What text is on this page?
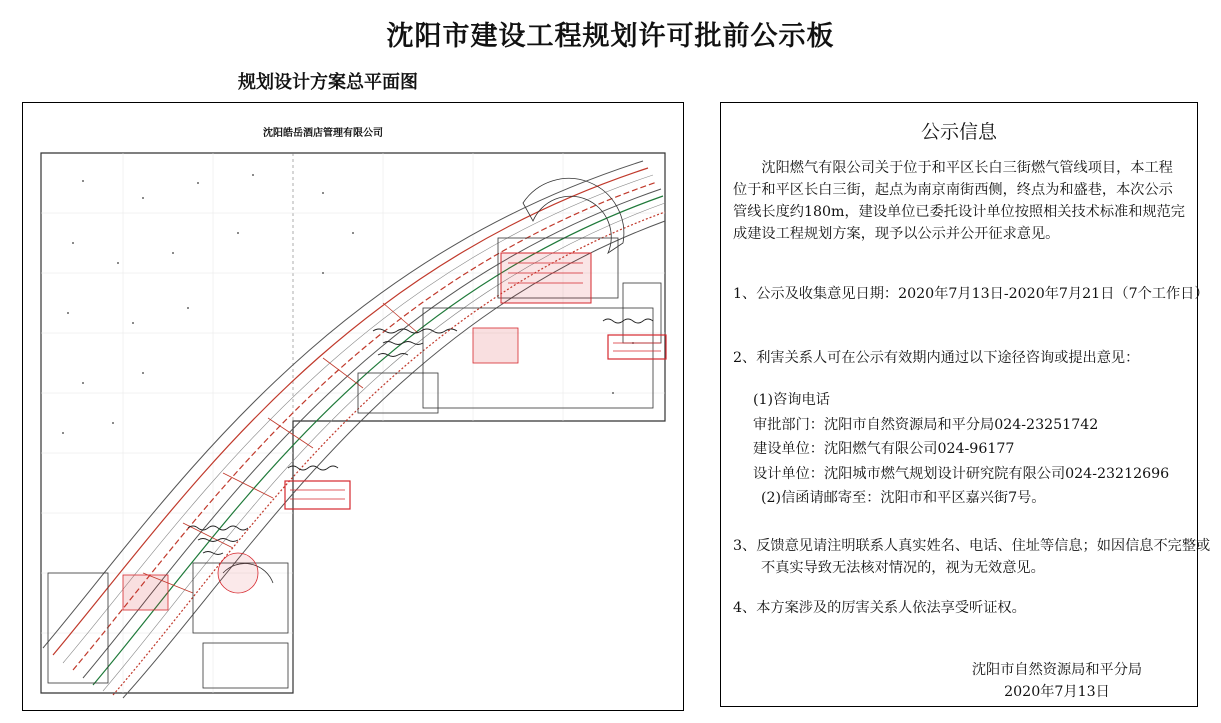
沈阳市建设工程规划许可批前公示板
规划设计方案总平面图
沈阳皓岳酒店管理有限公司	公示信息
沈阳燃气有限公司关于位于和平区长白三街燃气管线项目，本工程位于和平区长白三街，起点为南京南街西侧，终点为和盛巷，本次公示管线长度约180m，建设单位已委托设计单位按照相关技术标准和规范完成建设工程规划方案，现予以公示并公开征求意见。
1、公示及收集意见日期：2020年7月13日-2020年7月21日（7个工作日）
2、利害关系人可在公示有效期内通过以下途径咨询或提出意见：
(1)咨询电话
审批部门：沈阳市自然资源局和平分局024-23251742
建设单位：沈阳燃气有限公司024-96177
设计单位：沈阳城市燃气规划设计研究院有限公司024-23212696
(2)信函请邮寄至：沈阳市和平区嘉兴街7号。
3、反馈意见请注明联系人真实姓名、电话、住址等信息；如因信息不完整或不真实导致无法核对情况的，视为无效意见。
4、本方案涉及的厉害关系人依法享受听证权。
沈阳市自然资源局和平分局
2020年7月13日
